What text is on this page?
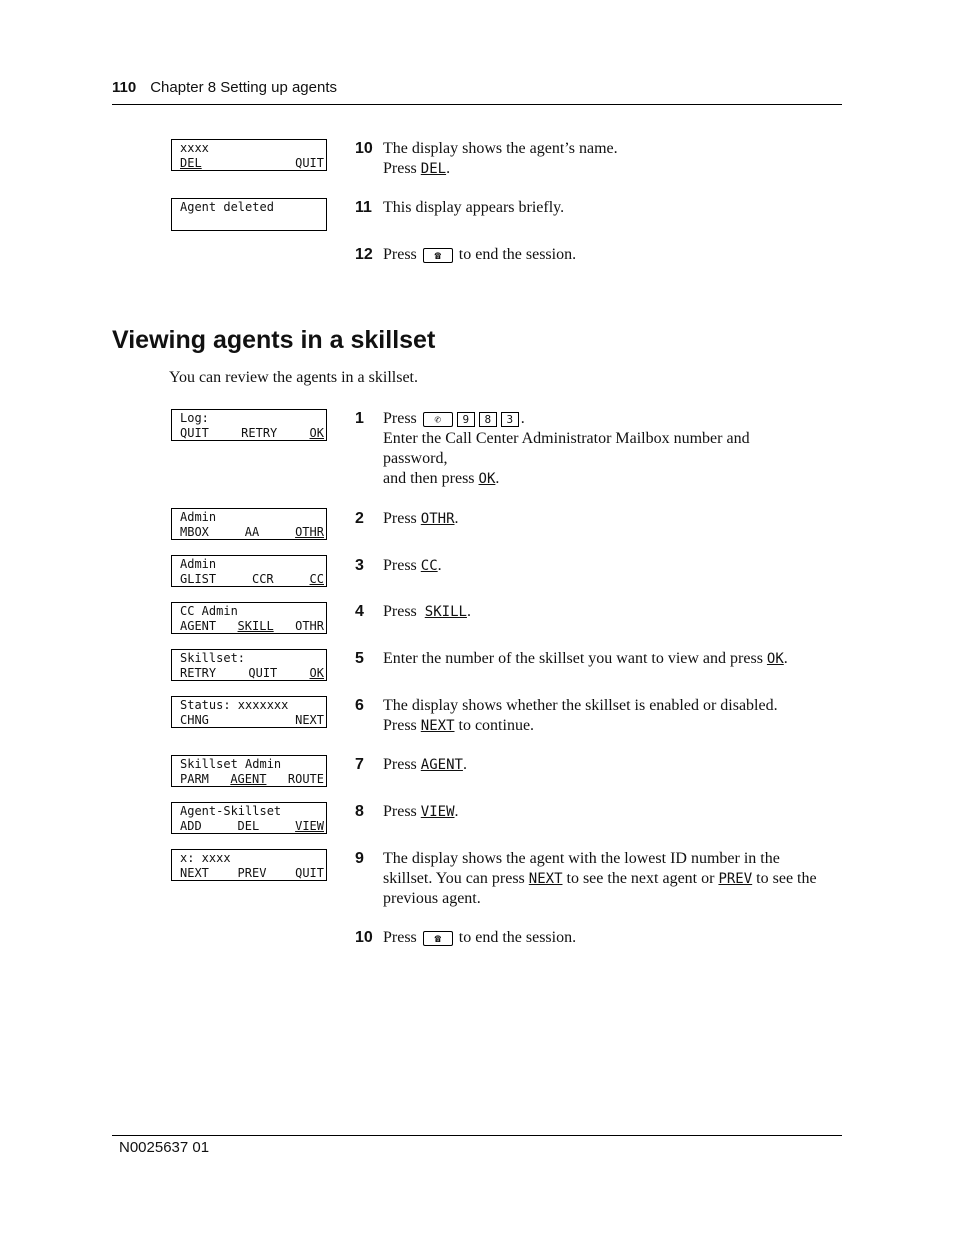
110 Chapter 8 Setting up agents
xxxx
DEL	QUIT
Agent deleted
10 The display shows the agent’s name.
Press DEL.
11 This display appears briefly.
12 Press ☎ to end the session.
Viewing agents in a skillset
You can review the agents in a skillset.
Log:
QUIT	RETRY	OK
Admin
MBOX	AA	OTHR
Admin
GLIST	CCR	CC
CC Admin
AGENT SKILL OTHR
Skillset:
RETRY	QUIT	OK
Status: xxxxxxx
CHNG	NEXT
Skillset Admin
PARM AGENT ROUTE
Agent-Skillset
ADD	DEL	VIEW
x: xxxx
NEXT PREV QUIT
1 Press ✆ 9 8 3 .
Enter the Call Center Administrator Mailbox number and
password,
and then press OK.
2 Press OTHR.
3 Press CC.
4 Press  SKILL.
5 Enter the number of the skillset you want to view and press OK.
6 The display shows whether the skillset is enabled or disabled.
Press NEXT to continue.
7 Press AGENT.
8 Press VIEW.
9 The display shows the agent with the lowest ID number in the
skillset. You can press NEXT to see the next agent or PREV to see the
previous agent.
10 Press ☎ to end the session.
N0025637 01
